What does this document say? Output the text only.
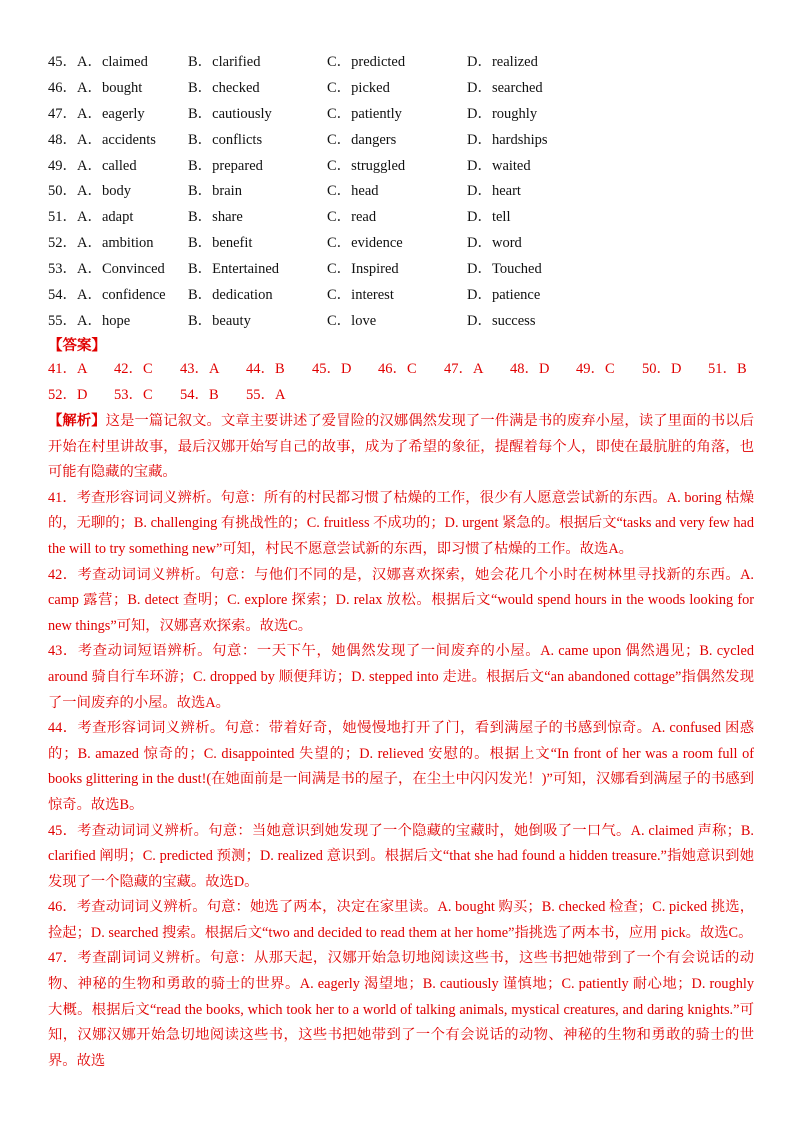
45．A．claimed	B．clarified	C．predicted	D．realized
46．A．bought	B．checked	C．picked	D．searched
47．A．eagerly	B．cautiously	C．patiently	D．roughly
48．A．accidents B．conflicts	C．dangers	D．hardships
49．A．called	B．prepared	C．struggled	D．waited
50．A．body	B．brain	C．head	D．heart
51．A．adapt	B．share	C．read	D．tell
52．A．ambition B．benefit	C．evidence	D．word
53．A．Convinced B．Entertained	C．Inspired	D．Touched
54．A．confidence B．dedication	C．interest	D．patience
55．A．hope	B．beauty	C．love	D．success
【答案】
41．A 42．C 43．A 44．B 45．D 46．C 47．A 48．D 49．C 50．D 51．B
52．D 53．C 54．B 55．A

【解析】这是一篇记叙文。文章主要讲述了爱冒险的汉娜偶然发现了一件满是书的废弃小屋，读了里面的书以后开始在村里讲故事，最后汉娜开始写自己的故事，成为了希望的象征，提醒着每个人，即使在最肮脏的角落，也可能有隐藏的宝藏。

41．考查形容词词义辨析。句意：所有的村民都习惯了枯燥的工作，很少有人愿意尝试新的东西。A. boring 枯燥的，无聊的；B. challenging 有挑战性的；C. fruitless 不成功的；D. urgent 紧急的。根据后文“tasks and very few had the will to try something new”可知，村民不愿意尝试新的东西，即习惯了枯燥的工作。故选A。

42．考查动词词义辨析。句意：与他们不同的是，汉娜喜欢探索，她会花几个小时在树林里寻找新的东西。A. camp 露营；B. detect 查明；C. explore 探索；D. relax 放松。根据后文“would spend hours in the woods looking for new things”可知，汉娜喜欢探索。故选C。

43．考查动词短语辨析。句意：一天下午，她偶然发现了一间废弃的小屋。A. came upon 偶然遇见；B. cycled around 骑自行车环游；C. dropped by 顺便拜访；D. stepped into 走进。根据后文“an abandoned cottage”指偶然发现了一间废弃的小屋。故选A。

44．考查形容词词义辨析。句意：带着好奇，她慢慢地打开了门，看到满屋子的书感到惊奇。A. confused 困惑的；B. amazed 惊奇的；C. disappointed 失望的；D. relieved 安慰的。根据上文“In front of her was a room full of books glittering in the dust!(在她面前是一间满是书的屋子，在尘土中闪闪发光！)”可知，汉娜看到满屋子的书感到惊奇。故选B。

45．考查动词词义辨析。句意：当她意识到她发现了一个隐藏的宝藏时，她倒吸了一口气。A. claimed 声称；B. clarified 阐明；C. predicted 预测；D. realized 意识到。根据后文“that she had found a hidden treasure.”指她意识到她发现了一个隐藏的宝藏。故选D。

46．考查动词词义辨析。句意：她选了两本，决定在家里读。A. bought 购买；B. checked 检查；C. picked 挑选，捡起；D. searched 搜索。根据后文“two and decided to read them at her home”指挑选了两本书，应用 pick。故选C。

47．考查副词词义辨析。句意：从那天起，汉娜开始急切地阅读这些书，这些书把她带到了一个有会说话的动物、神秘的生物和勇敢的骑士的世界。A. eagerly 渴望地；B. cautiously 谨慎地；C. patiently 耐心地；D. roughly 大概。根据后文“read the books, which took her to a world of talking animals, mystical creatures, and daring knights.”可知，汉娜汉娜开始急切地阅读这些书，这些书把她带到了一个有会说话的动物、神秘的生物和勇敢的骑士的世界。故选
